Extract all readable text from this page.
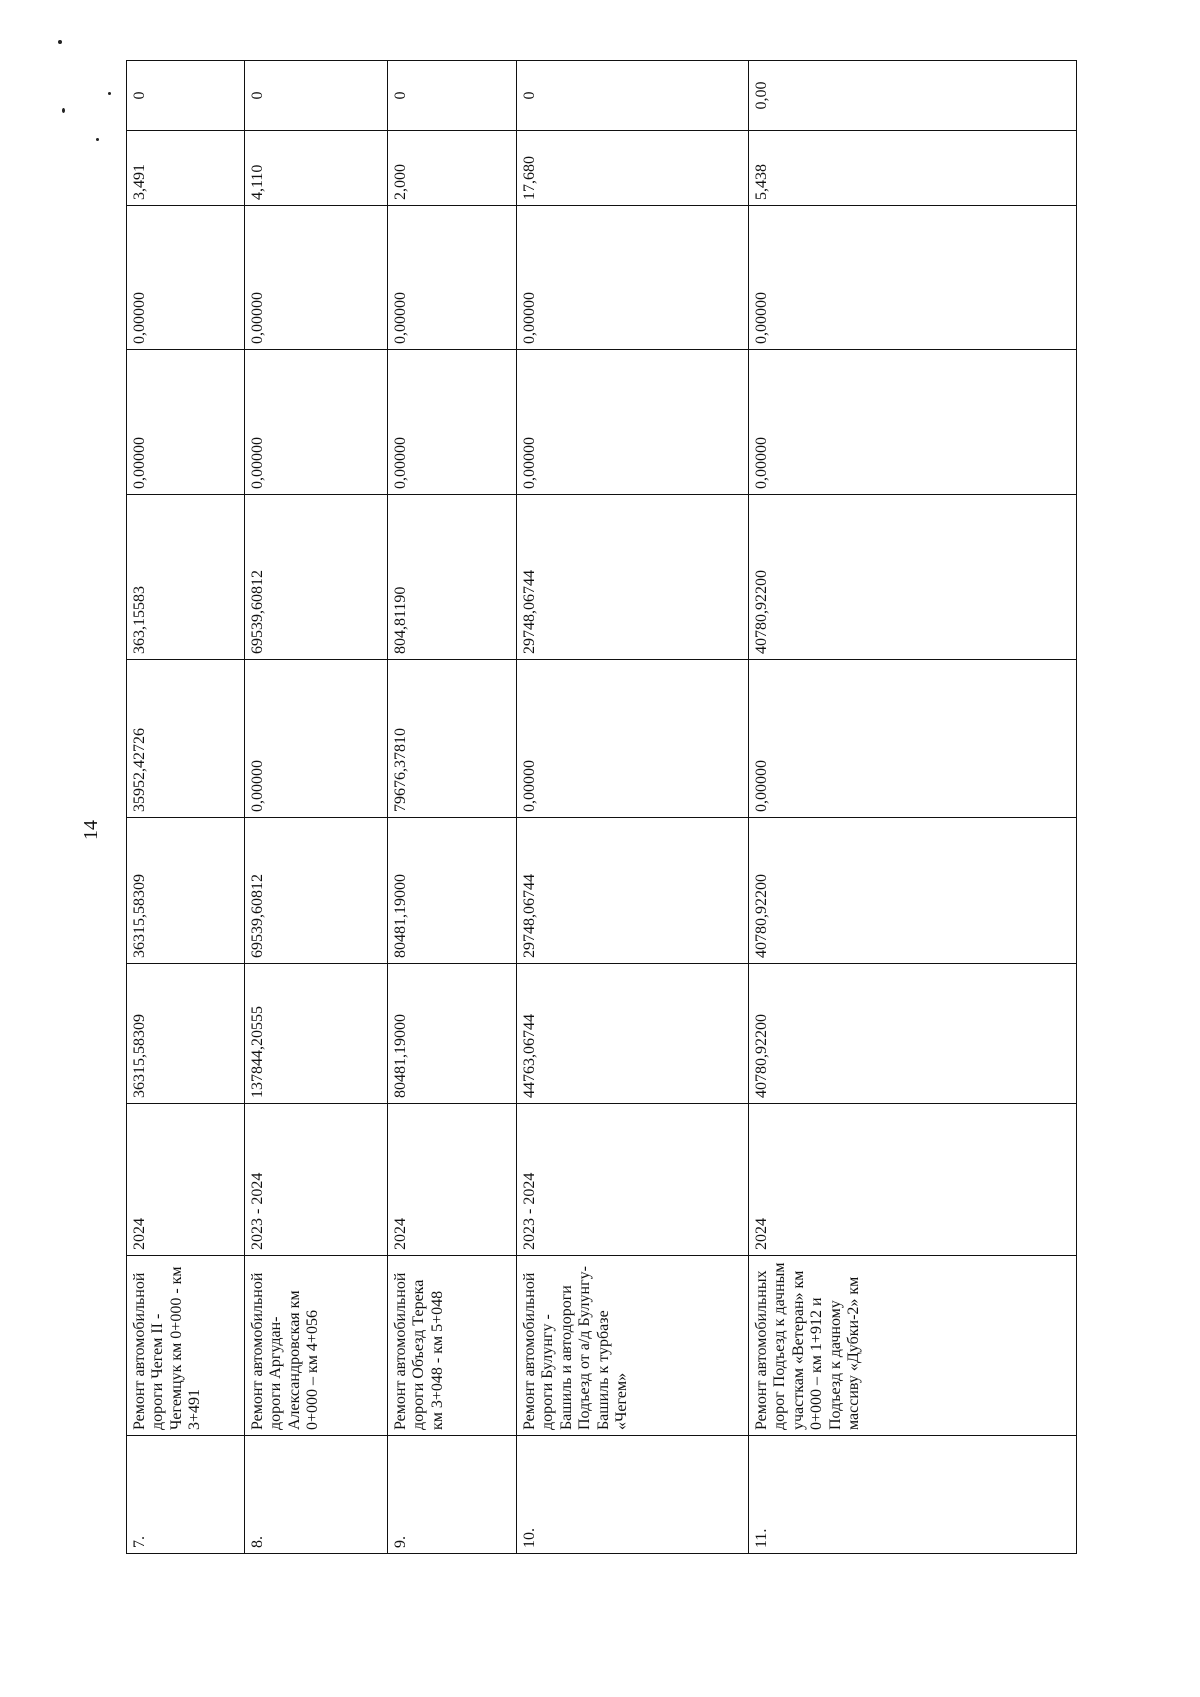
14
7.	Ремонт автомобильной дороги Чегем II - Чегемцук км 0+000 - км 3+491	2024	36315,58309	36315,58309	35952,42726	363,15583	0,00000	0,00000	3,491	0	
8.	Ремонт автомобильной дороги Аргудан-Александровская км 0+000 – км 4+056	2023 - 2024	137844,20555	69539,60812	0,00000	69539,60812	0,00000	0,00000	4,110	0	
9.	Ремонт автомобильной дороги Объезд Терека км 3+048 - км 5+048	2024	80481,19000	80481,19000	79676,37810	804,81190	0,00000	0,00000	2,000	0	
10.	Ремонт автомобильной дороги Булунгу - Башиль и автодороги Подъезд от а/д Булунгу-Башиль к турбазе «Чегем»	2023 - 2024	44763,06744	29748,06744	0,00000	29748,06744	0,00000	0,00000	17,680	0	
11.	Ремонт автомобильных дорог Подъезд к дачным участкам «Ветеран» км 0+000 – км 1+912 и Подъезд к дачному массиву «Дубки-2» км	2024	40780,92200	40780,92200	0,00000	40780,92200	0,00000	0,00000	5,438	0,00	
